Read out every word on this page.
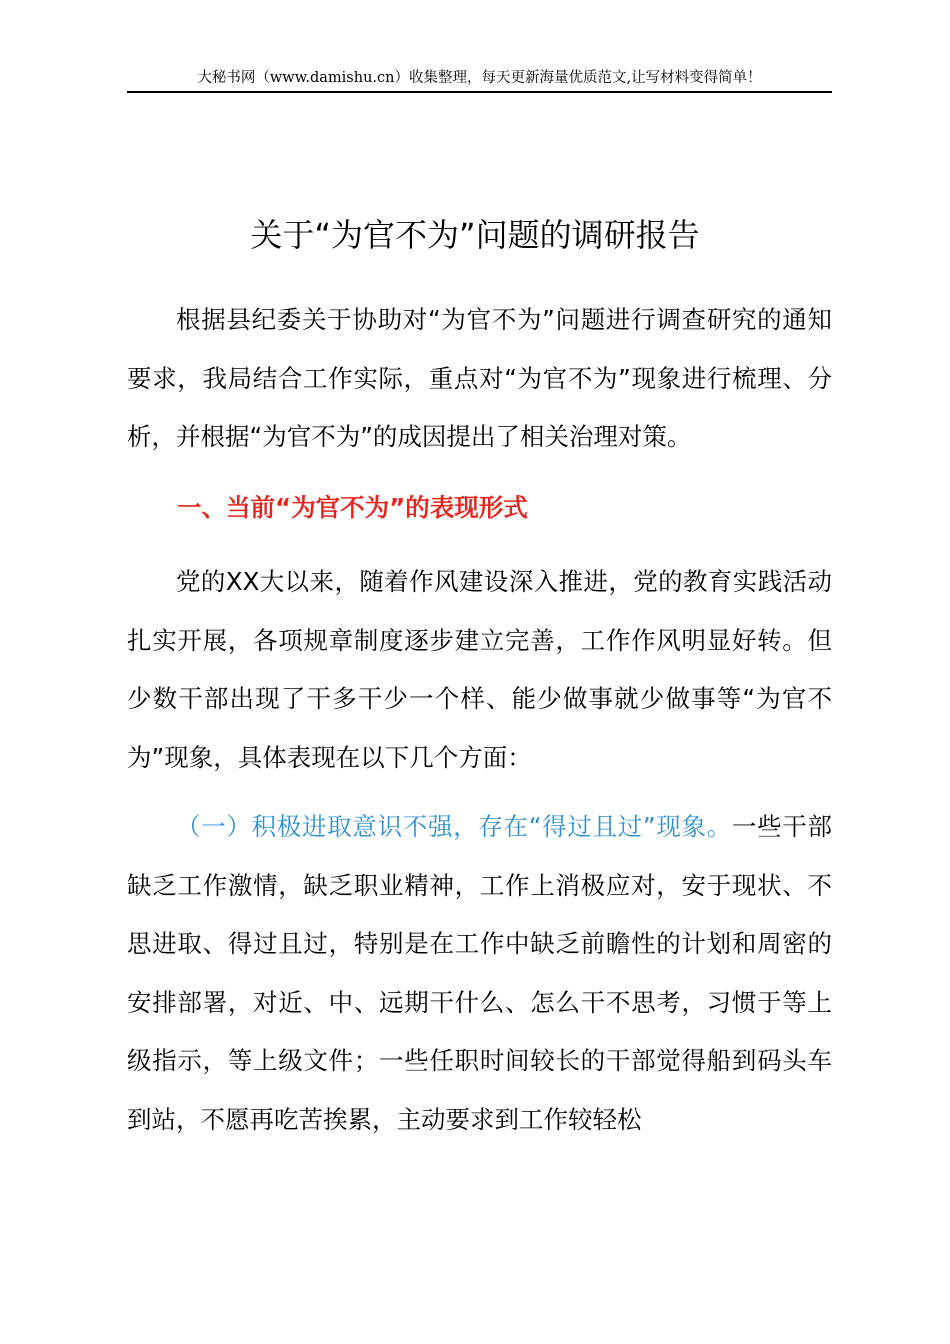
大秘书网（www.damishu.cn）收集整理，每天更新海量优质范文,让写材料变得简单！
关于“为官不为”问题的调研报告

根据县纪委关于协助对“为官不为”问题进行调查研究的通知要求，我局结合工作实际，重点对“为官不为”现象进行梳理、分析，并根据“为官不为”的成因提出了相关治理对策。

一、当前“为官不为”的表现形式

党的XX大以来，随着作风建设深入推进，党的教育实践活动扎实开展，各项规章制度逐步建立完善，工作作风明显好转。但少数干部出现了干多干少一个样、能少做事就少做事等“为官不为”现象，具体表现在以下几个方面：

（一）积极进取意识不强，存在“得过且过”现象。一些干部缺乏工作激情，缺乏职业精神，工作上消极应对，安于现状、不思进取、得过且过，特别是在工作中缺乏前瞻性的计划和周密的安排部署，对近、中、远期干什么、怎么干不思考，习惯于等上级指示，等上级文件；一些任职时间较长的干部觉得船到码头车到站，不愿再吃苦挨累，主动要求到工作较轻松
